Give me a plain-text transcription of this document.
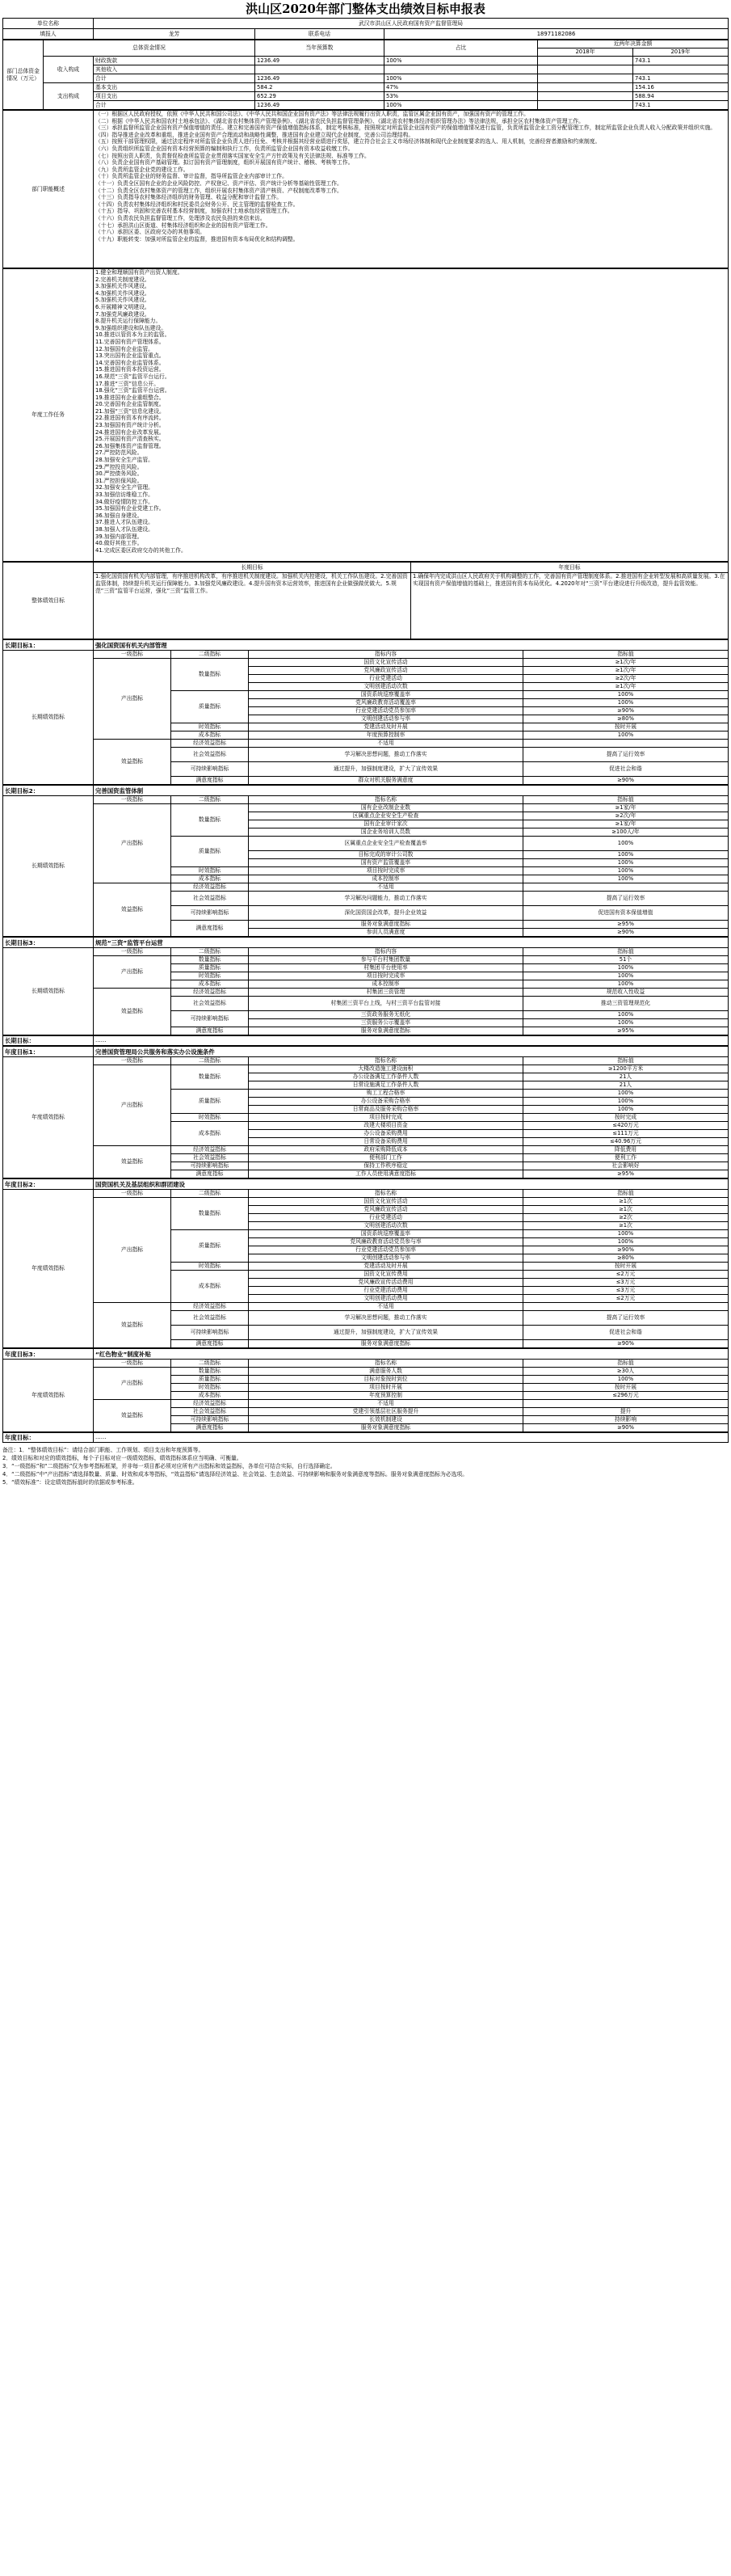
洪山区2020年部门整体支出绩效目标申报表
单位名称	武汉市洪山区人民政府国有资产监督管理局		
填报人	龙芳	联系电话	18971182086
部门总体资金情况（万元）	总体资金情况		当年预算数	占比	近两年决算金额	
					2018年	2019年
	收入构成	财政拨款	1236.49	100%		743.1
		其他收入				
		合计	1236.49	100%		743.1
	支出构成	基本支出	584.2	47%		154.16
		项目支出	652.29	53%		588.94
		合计	1236.49	100%		743.1
部门职能概述	
（一）根据区人民政府授权，依照《中华人民共和国公司法》、《中华人民共和国企业国有资产法》等法律法规履行出资人职责，监管区属企业国有资产，加强国有资产的管理工作。
（二）根据《中华人民共和国农村土地承包法》、《湖北省农村集体资产管理条例》、《湖北省农民负担监督管理条例》、《湖北省农村集体经济组织管理办法》等法律法规，承担全区农村集体资产管理工作。
（三）承担监督所监管企业国有资产保值增值的责任。建立和完善国有资产保值增值指标体系，制定考核标准，按照规定对所监管企业国有资产的保值增值情况进行监管，负责所监管企业工资分配管理工作，制定所监管企业负责人收入分配政策并组织实施。
（四）指导推进企业改革和重组，推进企业国有资产合理流动和战略性调整，推进国有企业建立现代企业制度，完善公司治理结构。
（五）按照干部管理权限，通过法定程序对所监管企业负责人进行任免、考核并根据其经营业绩进行奖惩，建立符合社会主义市场经济体制和现代企业制度要求的选人、用人机制，完善经营者激励和约束制度。
（六）负责组织所监管企业国有资本经营预算的编制和执行工作，负责所监管企业国有资本收益收缴工作。
（七）按照出资人职责，负责督促检查所监管企业贯彻落实国家安全生产方针政策及有关法律法规、标准等工作。
（八）负责企业国有资产基础管理。拟订国有资产管理制度，组织开展国有资产统计、稽核、考核等工作。
（九）负责所监管企业党的建设工作。
（十）负责所监管企业的财务监督、审计监督，指导所监管企业内部审计工作。
（十一）负责全区国有企业的企业风险防控、产权登记、资产评估、资产统计分析等基础性管理工作。
（十二）负责全区农村集体资产的管理工作，组织开展农村集体资产清产核资、产权制度改革等工作。
（十三）负责指导农村集体经济组织的财务管理、收益分配和审计监督工作。
（十四）负责农村集体经济组织和村民委员会财务公开、民主管理的监督检查工作。
（十五）指导、巩固和完善农村基本经营制度，加强农村土地承包经营管理工作。
（十六）负责农民负担监督管理工作，处理涉及农民负担的来信来访。
（十七）承担洪山区街道、村集体经济组织和企业的国有资产管理工作。
（十八）承担区委、区政府交办的其他事项。
（十九）职能转变：加强对所监管企业的监督，推进国有资本布局优化和结构调整。
年度工作任务	
1.健全和理顺国有资产出资人制度。
2.完善机关制度建设。
3.加强机关作风建设。
4.加强机关作风建设。
5.加强机关作风建设。
6.开展精神文明建设。
7.加强党风廉政建设。
8.提升机关运行保障能力。
9.加强组织建设和队伍建设。
10.推进以管资本为主的监管。
11.完善国有资产管理体系。
12.加强国有企业监管。
13.突出国有企业监管重点。
14.完善国有企业监管体系。
15.推进国有资本投资运营。
16.规范“三资”监管平台运行。
17.推进“三资”信息公开。
18.强化“三资”监管平台运营。
19.推进国有企业重组整合。
20.完善国有企业监管制度。
21.加强“三资”信息化建设。
22.推进国有资本有序流转。
23.加强国有资产统计分析。
24.推进国有企业改革发展。
25.开展国有资产清查核实。
26.加强集体资产监督管理。
27.严控防范风险。
28.加强安全生产监管。
29.严控投资风险。
30.严控债务风险。
31.严控担保风险。
32.加强安全生产管理。
33.加强信访维稳工作。
34.做好疫情防控工作。
35.加强国有企业党建工作。
36.加强自身建设。
37.推进人才队伍建设。
38.加强人才队伍建设。
39.加强内部管理。
40.做好其他工作。
41.完成区委区政府交办的其他工作。
整体绩效目标	长期目标	年度目标
	1.强化国资国有机关内部管理，有序推进机构改革，有序推进机关制度建设。加强机关内控建设，机关工作队伍建设。2.完善国资监管体制，持续提升机关运行保障能力。3.加强党风廉政建设。4.提升国有资本运营效率，推进国有企业做强做优做大。5.规范“三资”监管平台运营，强化“三资”监管工作。	1.确保年内完成洪山区人民政府关于机构调整的工作，完善国有资产管理制度体系。2.推进国有企业转型发展和高质量发展。3.在实现国有资产保值增值的基础上，推进国有资本布局优化。4.2020年对“三资”平台建设进行升级改造，提升监管效能。
长期目标1：	强化国资国有机关内部管理				
长期绩效指标	一级指标	二级指标	指标内容	指标值	
	产出指标	数量指标	国资文化宣传活动	≥1次/年	
			党风廉政宣传活动	≥1次/年	
			行业党建活动	≥2次/年	
			文明创建活动次数	≥1次/年	
		质量指标	国资系统巡察覆盖率	100%	
			党风廉政教育活动覆盖率	100%	
			行业党建活动党员参加率	≥90%	
			文明创建活动参与率	≥80%	
		时效指标	党建活动及时开展	按时开展	
		成本指标	年度预算控制率	100%	
	效益指标	经济效益指标	不适用		
		社会效益指标	学习解决思想问题，推动工作落实	提高了运行效率	
		可持续影响指标	通过提升，加强制度建设，扩大了宣传效果	促进社会和谐	
		满意度指标	群众对机关服务满意度	≥90%	
长期目标2：	完善国资监管体制				
长期绩效指标	一级指标	二级指标	指标名称	指标值	
	产出指标	数量指标	国有企业改制企业数	≥1家/年	
			区属重点企业安全生产检查	≥2次/年	
			国有企业审计家次	≥1家/年	
			国企业务培训人员数	≥100人/年	
		质量指标	区属重点企业安全生产检查覆盖率	100%	
			目标完成的审计公司数	100%	
			国有资产监管覆盖率	100%	
		时效指标	项目按时完成率	100%	
		成本指标	成本控制率	100%	
	效益指标	经济效益指标	不适用		
		社会效益指标	学习解决问题能力，推动工作落实	提高了运行效率	
		可持续影响指标	深化国资国企改革，提升企业效益	促进国有资本保值增值	
		满意度指标	服务对象满意度指标	≥95%	
			参训人员满意度	≥90%	
长期目标3：	规范“三资”监管平台运营				
长期绩效指标	一级指标	二级指标	指标内容	指标值	
	产出指标	数量指标	参与平台村集团数量	51个	
		质量指标	村集团平台使用率	100%	
		时效指标	项目按时完成率	100%	
		成本指标	成本控制率	100%	
	效益指标	经济效益指标	村集团三资管理	规范收入性收益	
		社会效益指标	村集团三资平台上线，与村三资平台监管对接	推动三资管理规范化	
		可持续影响指标	三资政务服务无纸化	100%	
			三资服务公示覆盖率	100%	
		满意度指标	服务对象满意度指标	≥95%	
长期目标：	……
年度目标1：	完善国资管理局公共服务和落实办公设施条件				
年度绩效指标	一级指标	二级指标	指标名称	指标值	
	产出指标	数量指标	大楼改造施工建设面积	≥1200平方米	
			办公设备满足工作条件人数	21人	
			日常设施满足工作条件人数	21人	
		质量指标	购工工程合格率	100%	
			办公设备采购合格率	100%	
			日常商品及服务采购合格率	100%	
		时效指标	项目按时完成	按时完成	
		成本指标	改建大楼项目资金	≤420万元	
			办公设备采购费用	≤111万元	
			日常设备采购费用	≤40.96万元	
	效益指标	经济效益指标	政府采购降低成本	降低费用	
		社会效益指标	便利部门工作	便利工作	
		可持续影响指标	保持工作秩序稳定	社会影响好	
		满意度指标	工作人员使用满意度指标	≥95%	
年度目标2：	国资国机关及基层组织和群团建设				
年度绩效指标	一级指标	二级指标	指标名称	指标值	
	产出指标	数量指标	国资文化宣传活动	≥1次	
			党风廉政宣传活动	≥1次	
			行业党建活动	≥2次	
			文明创建活动次数	≥1次	
		质量指标	国资系统巡察覆盖率	100%	
			党风廉政教育活动党员参与率	100%	
			行业党建活动党员参加率	≥90%	
			文明创建活动参与率	≥80%	
		时效指标	党建活动及时开展	按时开展	
		成本指标	国资文化宣传费用	≤2万元	
			党风廉政宣传活动费用	≤3万元	
			行业党建活动费用	≤3万元	
			文明创建活动费用	≤2万元	
	效益指标	经济效益指标	不适用		
		社会效益指标	学习解决思想问题，推动工作落实	提高了运行效率	
		可持续影响指标	通过提升，加强制度建设，扩大了宣传效果	促进社会和谐	
		满意度指标	服务对象满意度指标	≥90%	
年度目标3：	“红色物业”制度补贴				
年度绩效指标	一级指标	二级指标	指标名称	指标值	
	产出指标	数量指标	满意服务人数	≥30人	
		质量指标	目标对象按时到位	100%	
		时效指标	项目按时开展	按时开展	
		成本指标	年度预算控制	≤296万元	
	效益指标	经济效益指标	不适用		
		社会效益指标	党建引领基层社区服务提升	提升	
		可持续影响指标	长效机制建设	持续影响	
		满意度指标	服务对象满意度指标	≥90%	
年度目标：	……
备注：1．“整体绩效目标”：请结合部门职能、工作规划、项目支出和年度预算等。
2．绩效目标和对应的绩效指标，每个子目标对应一级绩效指标，绩效指标体系应当明确、可衡量。
3．“一级指标”和“二级指标”仅为参考指标框架，并非每一项目都必须对应所有产出指标和效益指标，各单位可结合实际，自行选择确定。
4．“二级指标”中“产出指标”请选择数量、质量、时效和成本等指标，“效益指标”请选择经济效益、社会效益、生态效益、可持续影响和服务对象满意度等指标。服务对象满意度指标为必选项。
5．“绩效标准”：设定绩效指标值时的依据或参考标准。
